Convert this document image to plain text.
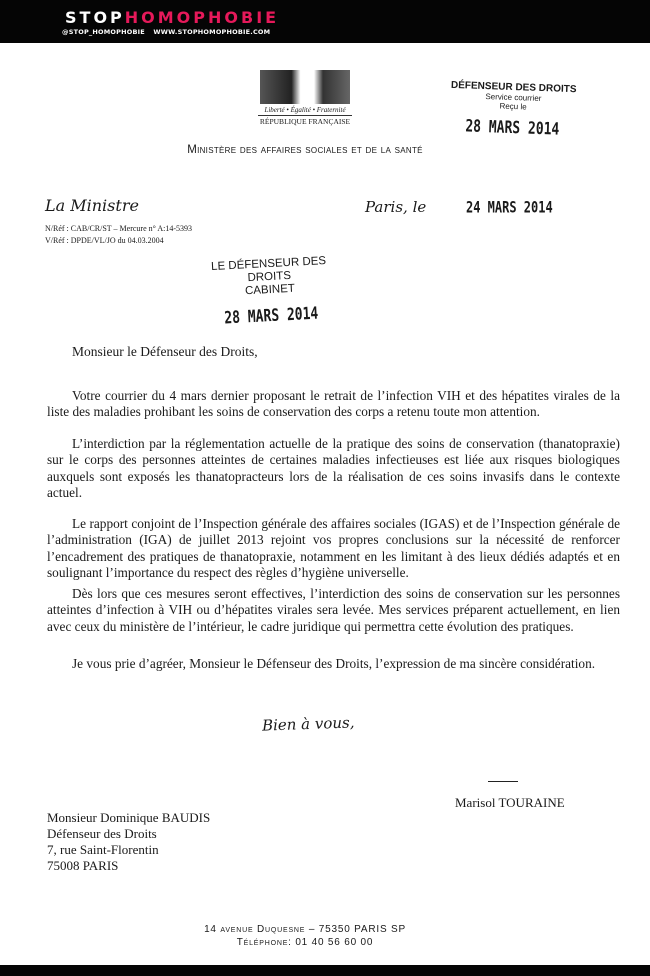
STOPHOMOPHOBIE
@STOP_HOMOPHOBIE WWW.STOPHOMOPHOBIE.COM
Liberté • Égalité • Fraternité
RÉPUBLIQUE FRANÇAISE
DÉFENSEUR DES DROITS
Service courrier
Reçu le
28 MARS 2014
Ministère des affaires sociales et de la santé
La Ministre	Paris, le	24 MARS 2014
N/Réf : CAB/CR/ST – Mercure n° A:14-5393
V/Réf : DPDE/VL/JO du 04.03.2004
LE DÉFENSEUR DES DROITS
CABINET
28 MARS 2014
Monsieur le Défenseur des Droits,
Votre courrier du 4 mars dernier proposant le retrait de l’infection VIH et des hépatites virales de la liste des maladies prohibant les soins de conservation des corps a retenu toute mon attention.
L’interdiction par la réglementation actuelle de la pratique des soins de conservation (thanatopraxie) sur le corps des personnes atteintes de certaines maladies infectieuses est liée aux risques biologiques auxquels sont exposés les thanatopracteurs lors de la réalisation de ces soins invasifs dans le contexte actuel.
Le rapport conjoint de l’Inspection générale des affaires sociales (IGAS) et de l’Inspection générale de l’administration (IGA) de juillet 2013 rejoint vos propres conclusions sur la nécessité de renforcer l’encadrement des pratiques de thanatopraxie, notamment en les limitant à des lieux dédiés adaptés et en soulignant l’importance du respect des règles d’hygiène universelle.
Dès lors que ces mesures seront effectives, l’interdiction des soins de conservation sur les personnes atteintes d’infection à VIH ou d’hépatites virales sera levée. Mes services préparent actuellement, en lien avec ceux du ministère de l’intérieur, le cadre juridique qui permettra cette évolution des pratiques.
Je vous prie d’agréer, Monsieur le Défenseur des Droits, l’expression de ma sincère considération.
Bien à vous,
Marisol TOURAINE
Monsieur Dominique BAUDIS
Défenseur des Droits
7, rue Saint-Florentin
75008 PARIS
14 avenue Duquesne – 75350 PARIS SP
Téléphone: 01 40 56 60 00
